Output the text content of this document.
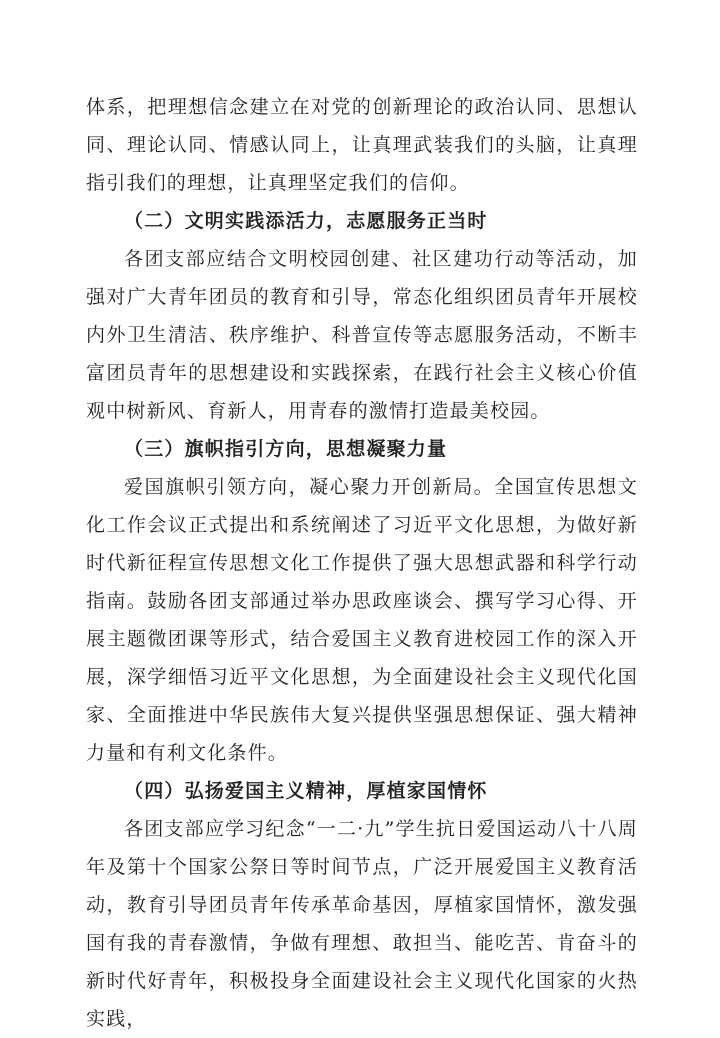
体系，把理想信念建立在对党的创新理论的政治认同、思想认同、理论认同、情感认同上，让真理武装我们的头脑，让真理指引我们的理想，让真理坚定我们的信仰。

（二）文明实践添活力，志愿服务正当时

各团支部应结合文明校园创建、社区建功行动等活动，加强对广大青年团员的教育和引导，常态化组织团员青年开展校内外卫生清洁、秩序维护、科普宣传等志愿服务活动，不断丰富团员青年的思想建设和实践探索，在践行社会主义核心价值观中树新风、育新人，用青春的激情打造最美校园。

（三）旗帜指引方向，思想凝聚力量

爱国旗帜引领方向，凝心聚力开创新局。全国宣传思想文化工作会议正式提出和系统阐述了习近平文化思想，为做好新时代新征程宣传思想文化工作提供了强大思想武器和科学行动指南。鼓励各团支部通过举办思政座谈会、撰写学习心得、开展主题微团课等形式，结合爱国主义教育进校园工作的深入开展，深学细悟习近平文化思想，为全面建设社会主义现代化国家、全面推进中华民族伟大复兴提供坚强思想保证、强大精神力量和有利文化条件。

（四）弘扬爱国主义精神，厚植家国情怀

各团支部应学习纪念“一二·九”学生抗日爱国运动八十八周年及第十个国家公祭日等时间节点，广泛开展爱国主义教育活动，教育引导团员青年传承革命基因，厚植家国情怀，激发强国有我的青春激情，争做有理想、敢担当、能吃苦、肯奋斗的新时代好青年，积极投身全面建设社会主义现代化国家的火热实践，
